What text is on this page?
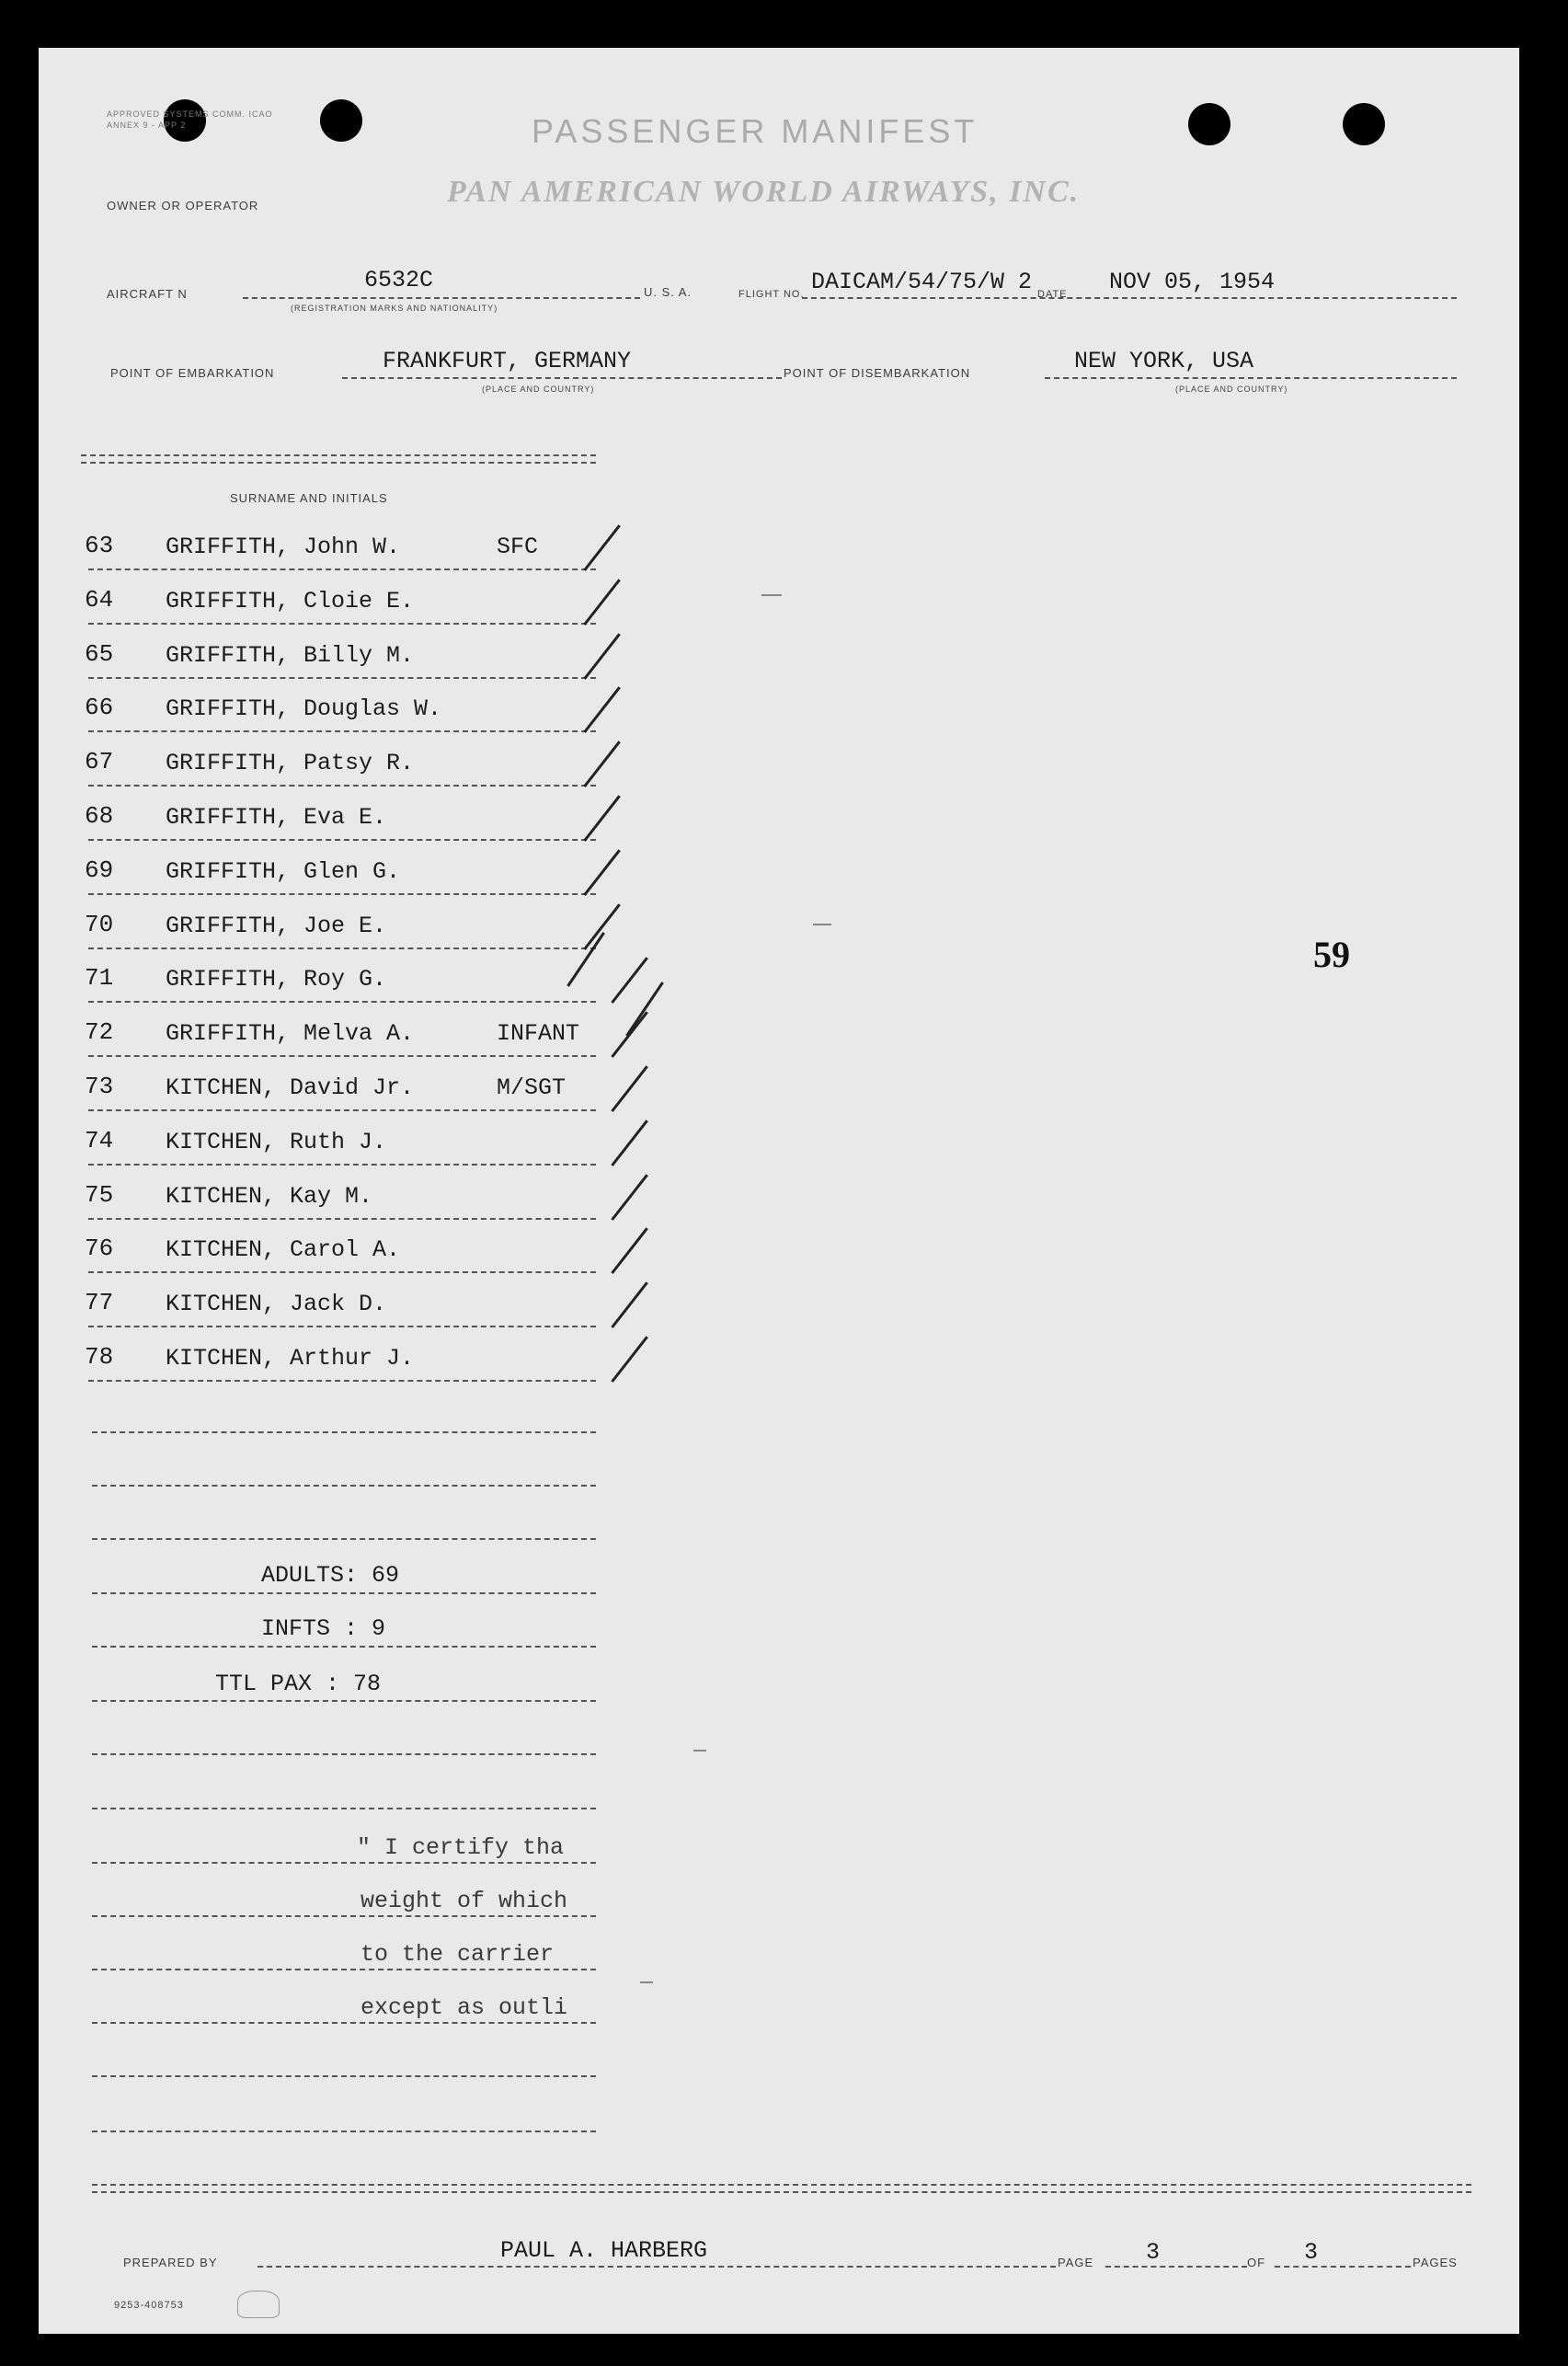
APPROVED SYSTEMS COMM. ICAO ANNEX 9 - APP 2	PASSENGER MANIFEST
OWNER OR OPERATOR	PAN AMERICAN WORLD AIRWAYS, INC.
AIRCRAFT N
6532C
(REGISTRATION MARKS AND NATIONALITY)
U. S. A.	FLIGHT NO. DAICAM/54/75/W 2 DATE NOV 05, 1954
POINT OF EMBARKATION	FRANKFURT, GERMANY
(PLACE AND COUNTRY)
POINT OF DISEMBARKATION	NEW YORK, USA
(PLACE AND COUNTRY)
SURNAME AND INITIALS
63 GRIFFITH, John W.	SFC
64 GRIFFITH, Cloie E.
65 GRIFFITH, Billy M.
66 GRIFFITH, Douglas W.
67 GRIFFITH, Patsy R.
68 GRIFFITH, Eva E.
69 GRIFFITH, Glen G.
70 GRIFFITH, Joe E.
71 GRIFFITH, Roy G.
72 GRIFFITH, Melva A.	INFANT
73 KITCHEN, David Jr.	M/SGT
74 KITCHEN, Ruth J.
75 KITCHEN, Kay M.
76 KITCHEN, Carol A.
77 KITCHEN, Jack D.
78 KITCHEN, Arthur J.
ADULTS: 69
INFTS : 9
TTL PAX : 78
" I certify tha
weight of which
to the carrier
except as outli
59
PREPARED BY	PAUL A. HARBERG	PAGE 3	OF 3	PAGES
9253-408753
